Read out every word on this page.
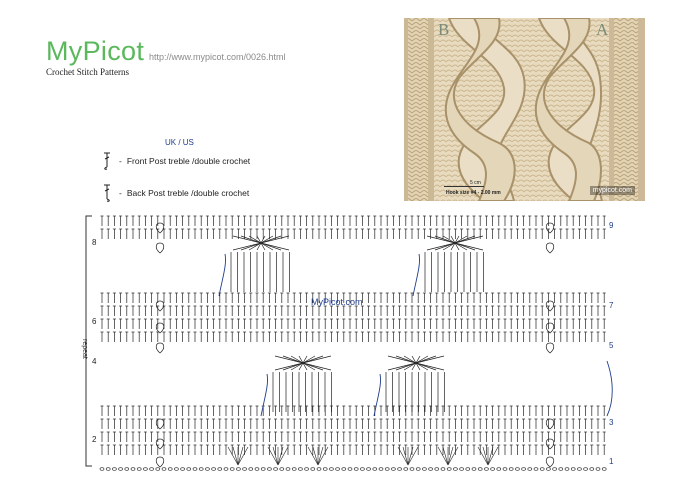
MyPicot http://www.mypicot.com/0026.html
Crochet Stitch Patterns
B	A
5 cm
Hook size #4 - 2.00 mm	mypicot.com
UK / US
- Front Post treble /double crochet
- Back Post treble /double crochet
8
6
4
2
9
7
5
3
1
MyPicot.com
repeat
